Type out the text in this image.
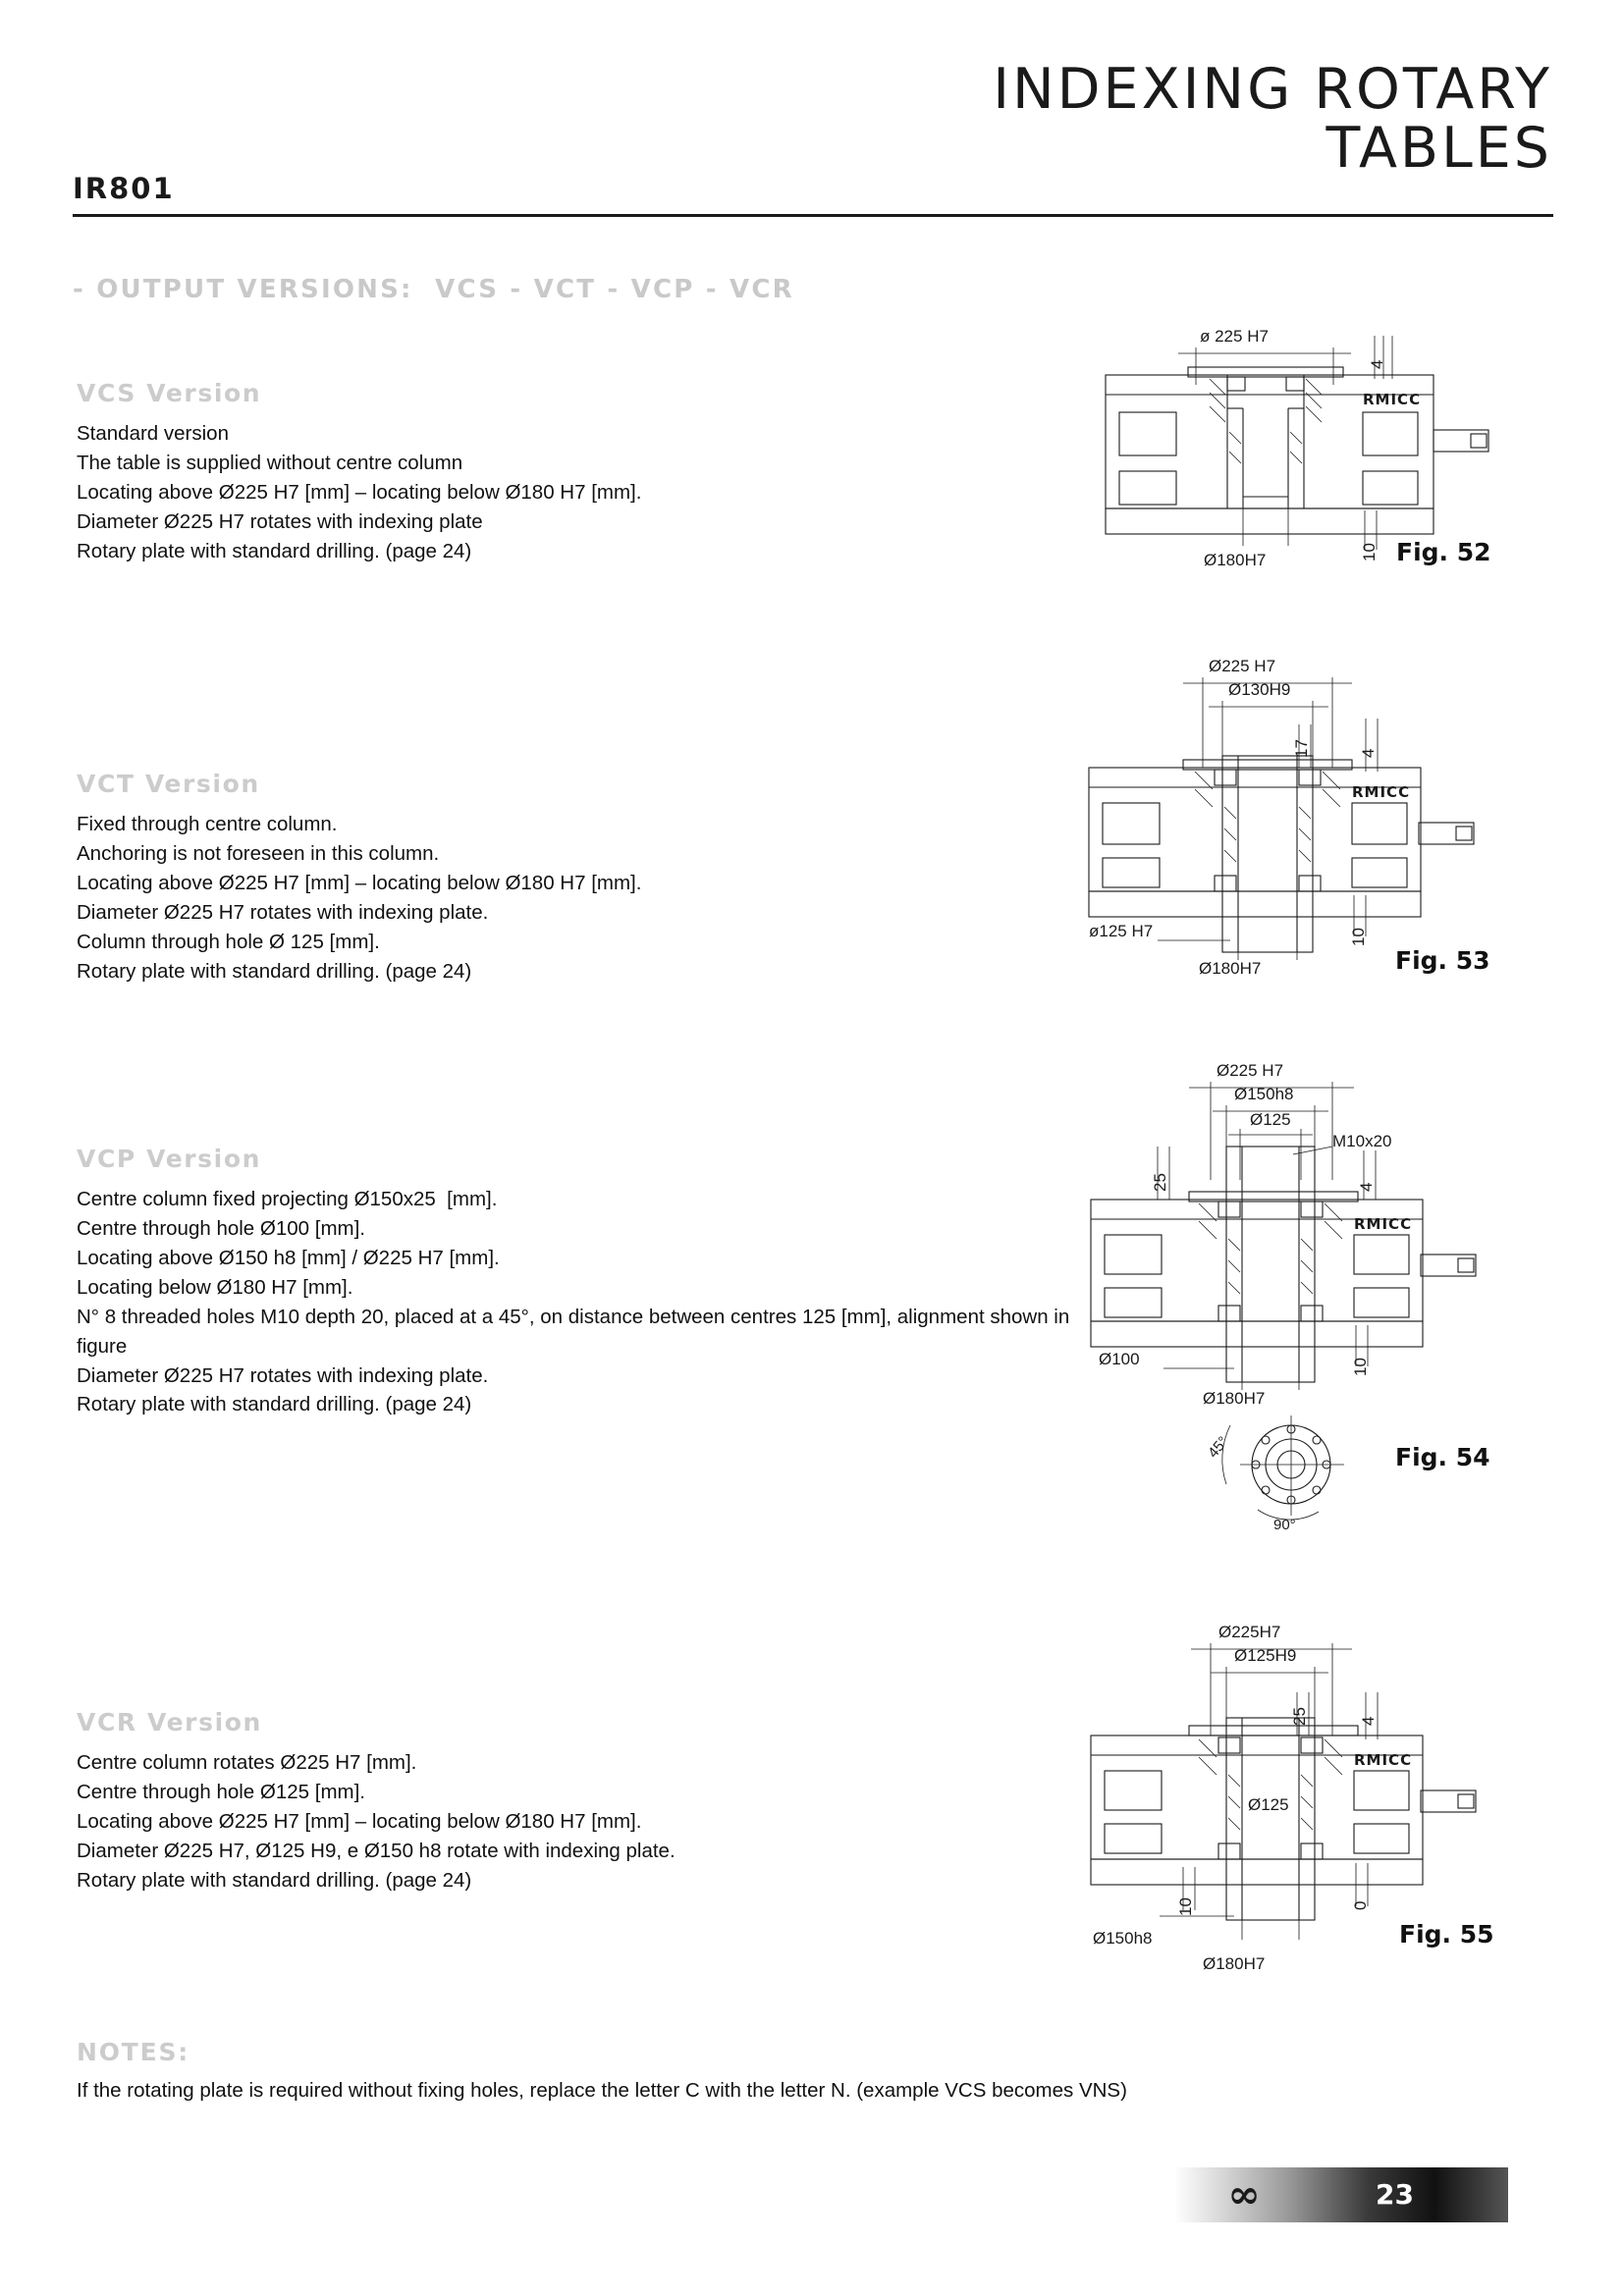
INDEXING ROTARY
TABLES
IR801
- OUTPUT VERSIONS:  VCS - VCT - VCP - VCR
VCS Version
Standard version
The table is supplied without centre column
Locating above Ø225 H7 [mm] – locating below Ø180 H7 [mm].
Diameter Ø225 H7 rotates with indexing plate
Rotary plate with standard drilling. (page 24)
VCT Version
Fixed through centre column.
Anchoring is not foreseen in this column.
Locating above Ø225 H7 [mm] – locating below Ø180 H7 [mm].
Diameter Ø225 H7 rotates with indexing plate.
Column through hole Ø 125 [mm].
Rotary plate with standard drilling. (page 24)
VCP Version
Centre column fixed projecting Ø150x25  [mm].
Centre through hole Ø100 [mm].
Locating above Ø150 h8 [mm] / Ø225 H7 [mm].
Locating below Ø180 H7 [mm].
N° 8 threaded holes M10 depth 20, placed at a 45°, on distance between centres 125 [mm], alignment shown in figure
Diameter Ø225 H7 rotates with indexing plate.
Rotary plate with standard drilling. (page 24)
VCR Version
Centre column rotates Ø225 H7 [mm].
Centre through hole Ø125 [mm].
Locating above Ø225 H7 [mm] – locating below Ø180 H7 [mm].
Diameter Ø225 H7, Ø125 H9, e Ø150 h8 rotate with indexing plate.
Rotary plate with standard drilling. (page 24)
ø 225 H7
4
Ø180H7	10
RMICC
Fig. 52
Ø225 H7
Ø130H9
17	4
ø125 H7
Ø180H7
10
RMICC
Fig. 53
Ø225 H7
Ø150h8
Ø125
M10x20
25	4
Ø100
Ø180H7
10
45°
90°
RMICC
Fig. 54
Ø225H7
Ø125H9
25	4
Ø125
Ø150h8
Ø180H7
10	0
RMICC
Fig. 55
NOTES:
If the rotating plate is required without fixing holes, replace the letter C with the letter N. (example VCS becomes VNS)
∞	23
